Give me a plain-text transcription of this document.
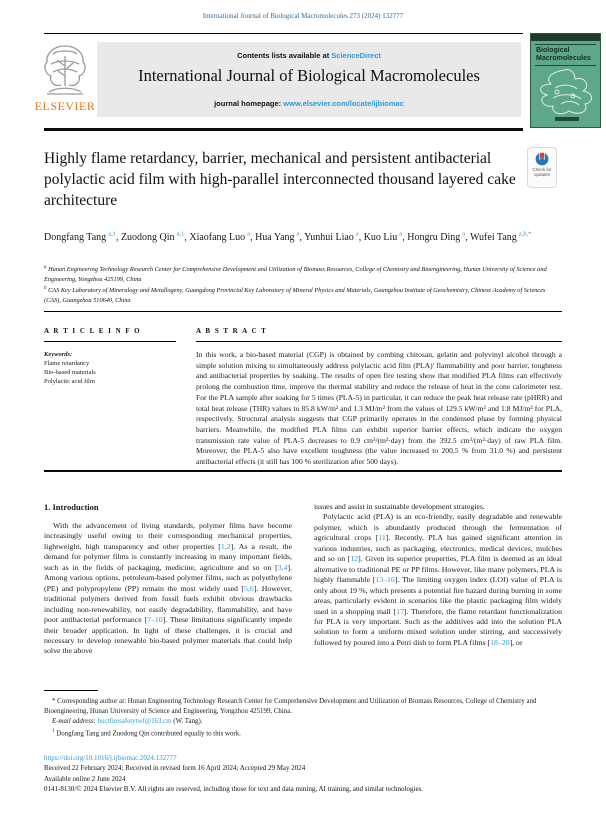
International Journal of Biological Macromolecules 273 (2024) 132777
ELSEVIER
Contents lists available at ScienceDirect
International Journal of Biological Macromolecules
journal homepage: www.elsevier.com/locate/ijbiomac
Biological
Macromolecules
Highly flame retardancy, barrier, mechanical and persistent antibacterial polylactic acid film with high-parallel interconnected thousand layered cake architecture
Check for
updates
Dongfang Tang  $^{a,1}$ , Zuodong Qin  $^{a,1}$ , Xiaofang Luo  $^a$ , Hua Yang  $^a$ , Yunhui Liao  $^a$ , Kuo Liu  $^a$ , Hongru Ding  $^a$ , Wufei Tang  $^{a,b,*}$
$^a$ Hunan Engineering Technology Research Center for Comprehensive Development and Utilization of Biomass Resources, College of Chemistry and Bioengineering, Hunan University of Science and Engineering, Yongzhou 425199, China
$^b$ CAS Key Laboratory of Mineralogy and Metallogeny, Guangdong Provincial Key Laboratory of Mineral Physics and Materials, Guangzhou Institute of Geochemistry, Chinese Academy of Sciences (CAS), Guangzhou 510640, China
A R T I C L E I N F O
Keywords:
Flame retardancy
Bio-based materials
Polylactic acid film
A B S T R A C T
In this work, a bio-based material (CGP) is obtained by combing chitosan, gelatin and polyvinyl alcohol through a simple solution mixing to simultaneously address polylactic acid film (PLA)' flammability and poor barrier, toughness and antibacterial properties by soaking. The results of open fire testing show that modified PLA films can effectively prolong the combustion time, improve the thermal stability and reduce the release of heat in the cone calorimeter test. For the PLA sample after soaking for 5 times (PLA-5) in particular, it can reduce the peak heat release rate (pHRR) and total heat release (THR) values to 85.8 kW/m² and 1.3 MJ/m² from the values of 129.5 kW/m² and 1.8 MJ/m² for PLA, respectively. Structural analysis suggests that CGP primarily operates in the condensed phase by forming physical barriers. Meanwhile, the modified PLA films can exhibit superior barrier effects, which indicate the oxygen transmission rate value of PLA-5 decreases to 0.9 cm³/(m²·day) from the 392.5 cm³/(m²·day) of raw PLA film. Moreover, the PLA-5 also have excellent toughness (the value increased to 200.5 % from 31.0 %) and persistent antibacterial effects (it still has 100 % sterilization after 500 days).
1. Introduction

With the advancement of living standards, polymer films have become increasingly useful owing to their corresponding mechanical properties, lightweight, high transparency and other properties [1,2]. As a result, the demand for polymer films is constantly increasing in many important fields, such as in the fields of packaging, medicine, agriculture and so on [3,4]. Among various options, petroleum-based polymer films, such as polyethylene (PE) and polypropylene (PP) remain the most widely used [5,6]. However, traditional polymers derived from fossil fuels exhibit obvious drawbacks including non-renewability, not easily degradability, flammability, and have poor antibacterial performance [7–10]. These limitations significantly impede their broader application. In light of these challenges, it is crucial and necessary to develop renewable bio-based polymer materials that could help solve the above

issues and assist in sustainable development strategies.

Polylactic acid (PLA) is an eco-friendly, easily degradable and renewable polymer, which is abundantly produced through the fermentation of agricultural crops [11]. Recently, PLA has gained significant attention in various industries, such as packaging, electronics, medical devices, mulches and so on [12]. Given its superior properties, PLA film is deemed as an ideal alternative to traditional PE or PP films. However, like many polymers, PLA is highly flammable [13–16]. The limiting oxygen index (LOI) value of PLA is only about 19 %, which presents a potential fire hazard during burning in some areas, particularly evident in scenarios like the plastic packaging film widely used in a shopping mall [17]. Therefore, the flame retardant functionalization for PLA is very important. Such as the additives add into the solution PLA solution to form a uniform mixed solution under stirring, and successively followed by poured into a Petri dish to form PLA films [18–20], or

* Corresponding author at: Hunan Engineering Technology Research Center for Comprehensive Development and Utilization of Biomass Resources, College of Chemistry and Bioengineering, Hunan University of Science and Engineering, Yongzhou 425199, China.
E-mail address: buctfiresafetytwf@163.cm (W. Tang).
$^1$ Dongfang Tang and Zuodong Qin contributed equally to this work.
https://doi.org/10.1016/j.ijbiomac.2024.132777
Received 22 February 2024; Received in revised form 16 April 2024; Accepted 29 May 2024
Available online 2 June 2024
0141-8130/© 2024 Elsevier B.V. All rights are reserved, including those for text and data mining, AI training, and similar technologies.
